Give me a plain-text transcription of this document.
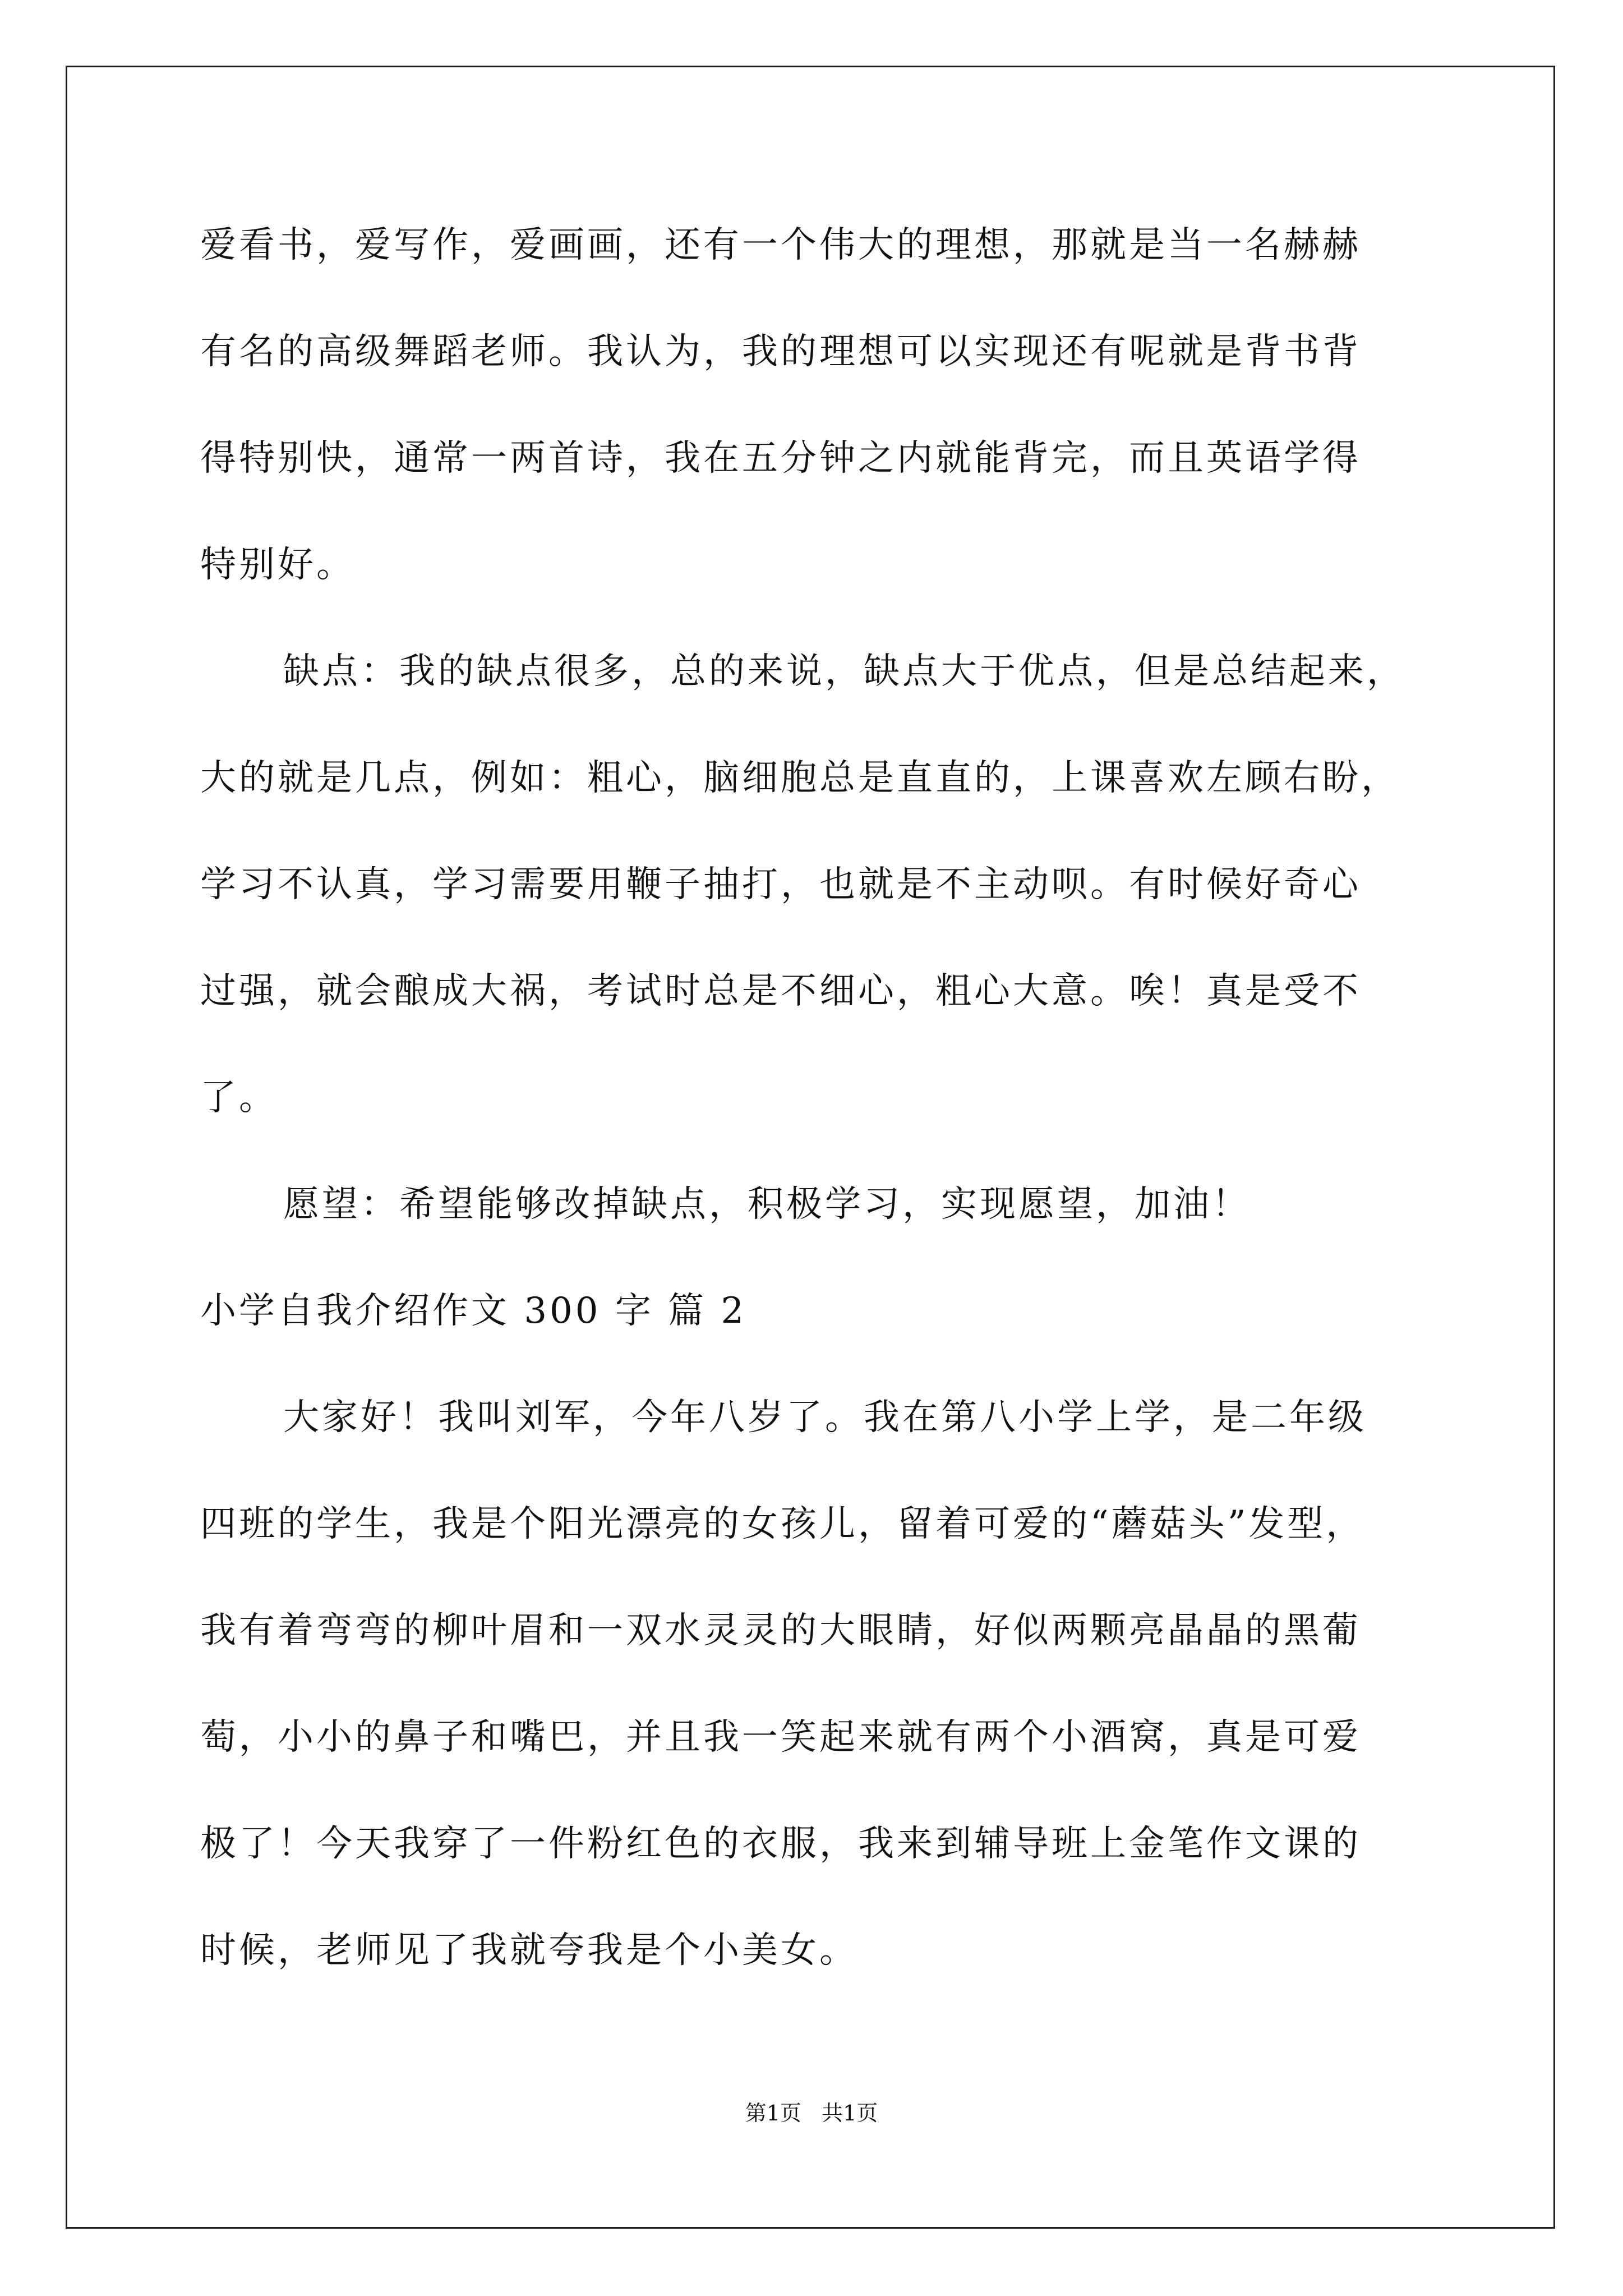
爱看书，爱写作，爱画画，还有一个伟大的理想，那就是当一名赫赫
有名的高级舞蹈老师。我认为，我的理想可以实现还有呢就是背书背
得特别快，通常一两首诗，我在五分钟之内就能背完，而且英语学得
特别好。
缺点：我的缺点很多，总的来说，缺点大于优点，但是总结起来，
大的就是几点，例如：粗心，脑细胞总是直直的，上课喜欢左顾右盼，
学习不认真，学习需要用鞭子抽打，也就是不主动呗。有时候好奇心
过强，就会酿成大祸，考试时总是不细心，粗心大意。唉！真是受不
了。
愿望：希望能够改掉缺点，积极学习，实现愿望，加油！
小学自我介绍作文 300 字 篇 2
大家好！我叫刘军，今年八岁了。我在第八小学上学，是二年级
四班的学生，我是个阳光漂亮的女孩儿，留着可爱的“蘑菇头”发型，
我有着弯弯的柳叶眉和一双水灵灵的大眼睛，好似两颗亮晶晶的黑葡
萄，小小的鼻子和嘴巴，并且我一笑起来就有两个小酒窝，真是可爱
极了！今天我穿了一件粉红色的衣服，我来到辅导班上金笔作文课的
时候，老师见了我就夸我是个小美女。
第1页   共1页
